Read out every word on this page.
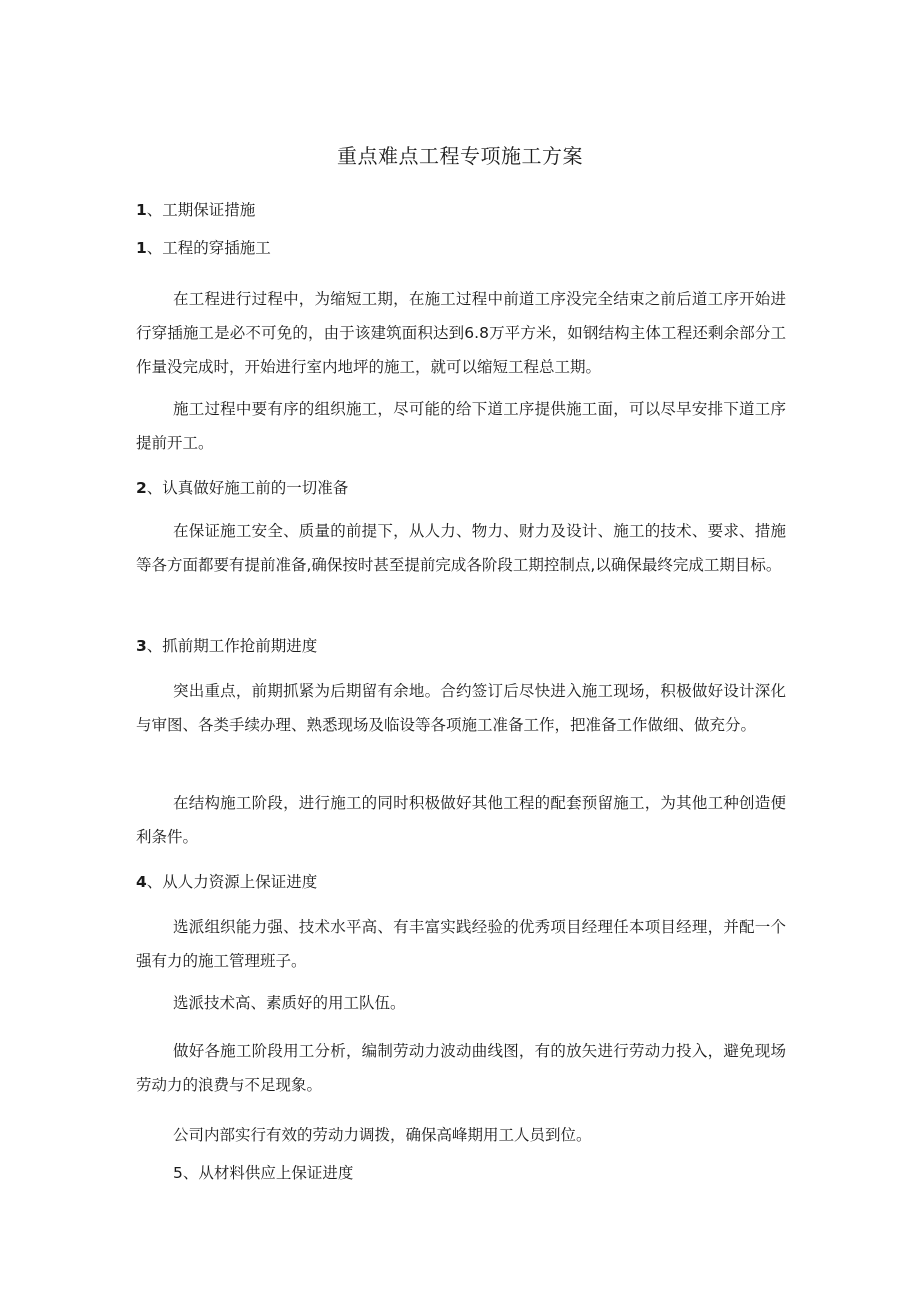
重点难点工程专项施工方案
1、工期保证措施
1、工程的穿插施工

在工程进行过程中，为缩短工期，在施工过程中前道工序没完全结束之前后道工序开始进行穿插施工是必不可免的，由于该建筑面积达到6.8万平方米，如钢结构主体工程还剩余部分工作量没完成时，开始进行室内地坪的施工，就可以缩短工程总工期。

施工过程中要有序的组织施工，尽可能的给下道工序提供施工面，可以尽早安排下道工序提前开工。

2、认真做好施工前的一切准备

在保证施工安全、质量的前提下，从人力、物力、财力及设计、施工的技术、要求、措施等各方面都要有提前准备,确保按时甚至提前完成各阶段工期控制点,以确保最终完成工期目标。

3、抓前期工作抢前期进度

突出重点，前期抓紧为后期留有余地。合约签订后尽快进入施工现场，积极做好设计深化与审图、各类手续办理、熟悉现场及临设等各项施工准备工作，把准备工作做细、做充分。

在结构施工阶段，进行施工的同时积极做好其他工程的配套预留施工，为其他工种创造便利条件。

4、从人力资源上保证进度

选派组织能力强、技术水平高、有丰富实践经验的优秀项目经理任本项目经理，并配一个强有力的施工管理班子。

选派技术高、素质好的用工队伍。

做好各施工阶段用工分析，编制劳动力波动曲线图，有的放矢进行劳动力投入，避免现场劳动力的浪费与不足现象。

公司内部实行有效的劳动力调拨，确保高峰期用工人员到位。

5、从材料供应上保证进度
